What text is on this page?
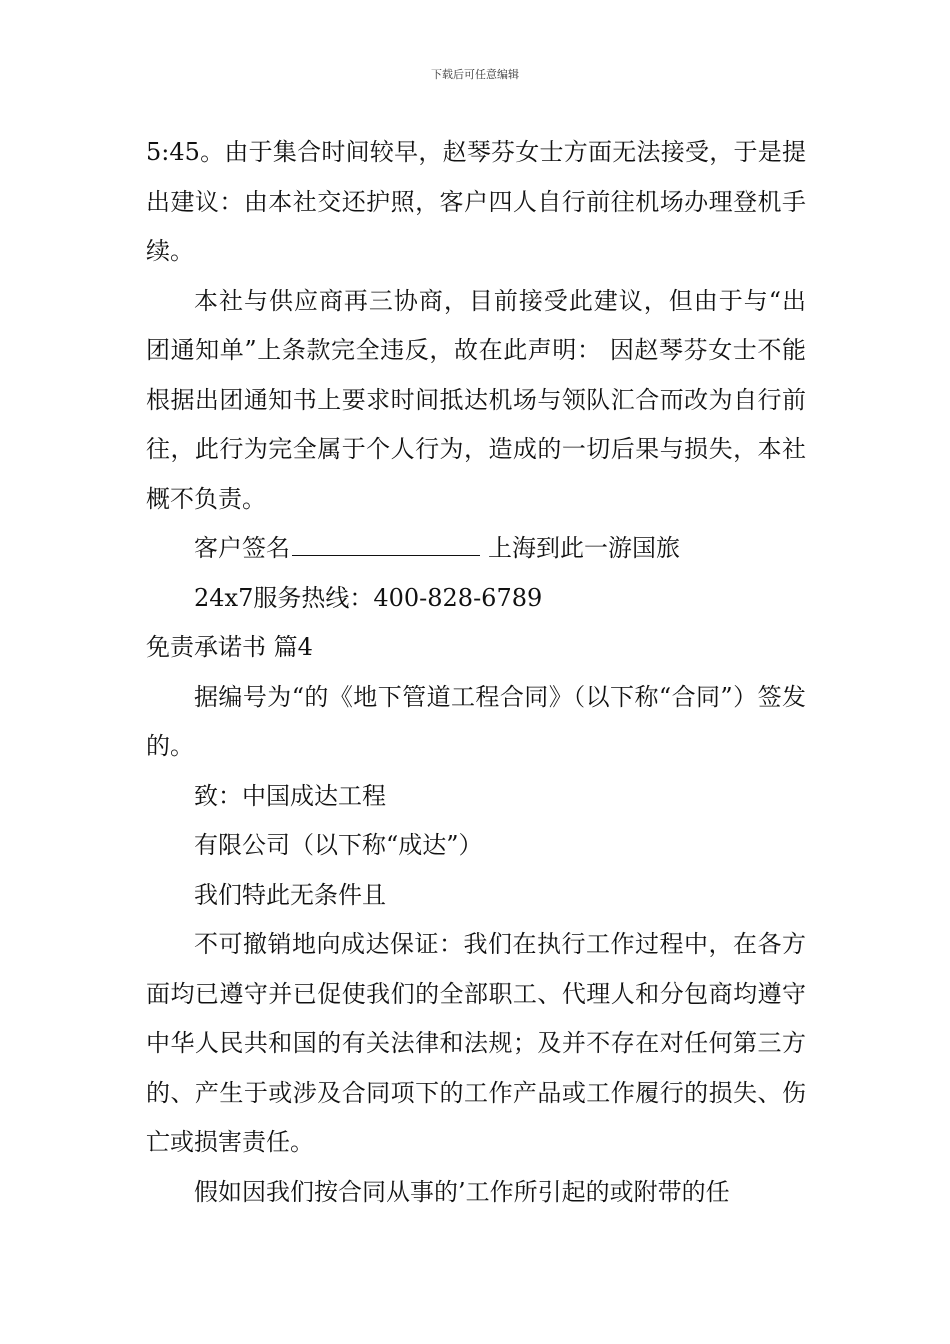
下载后可任意编辑

5:45。由于集合时间较早，赵琴芬女士方面无法接受，于是提出建议：由本社交还护照，客户四人自行前往机场办理登机手续。

本社与供应商再三协商，目前接受此建议，但由于与“出团通知单”上条款完全违反，故在此声明： 因赵琴芬女士不能根据出团通知书上要求时间抵达机场与领队汇合而改为自行前往，此行为完全属于个人行为，造成的一切后果与损失，本社概不负责。

客户签名	上海到此一游国旅

24x7服务热线：400-828-6789

免责承诺书 篇4

据编号为“的《地下管道工程合同》（以下称“合同”）签发的。

致：中国成达工程

有限公司（以下称“成达”）

我们特此无条件且

不可撤销地向成达保证：我们在执行工作过程中，在各方面均已遵守并已促使我们的全部职工、代理人和分包商均遵守中华人民共和国的有关法律和法规；及并不存在对任何第三方的、产生于或涉及合同项下的工作产品或工作履行的损失、伤亡或损害责任。

假如因我们按合同从事的’工作所引起的或附带的任
